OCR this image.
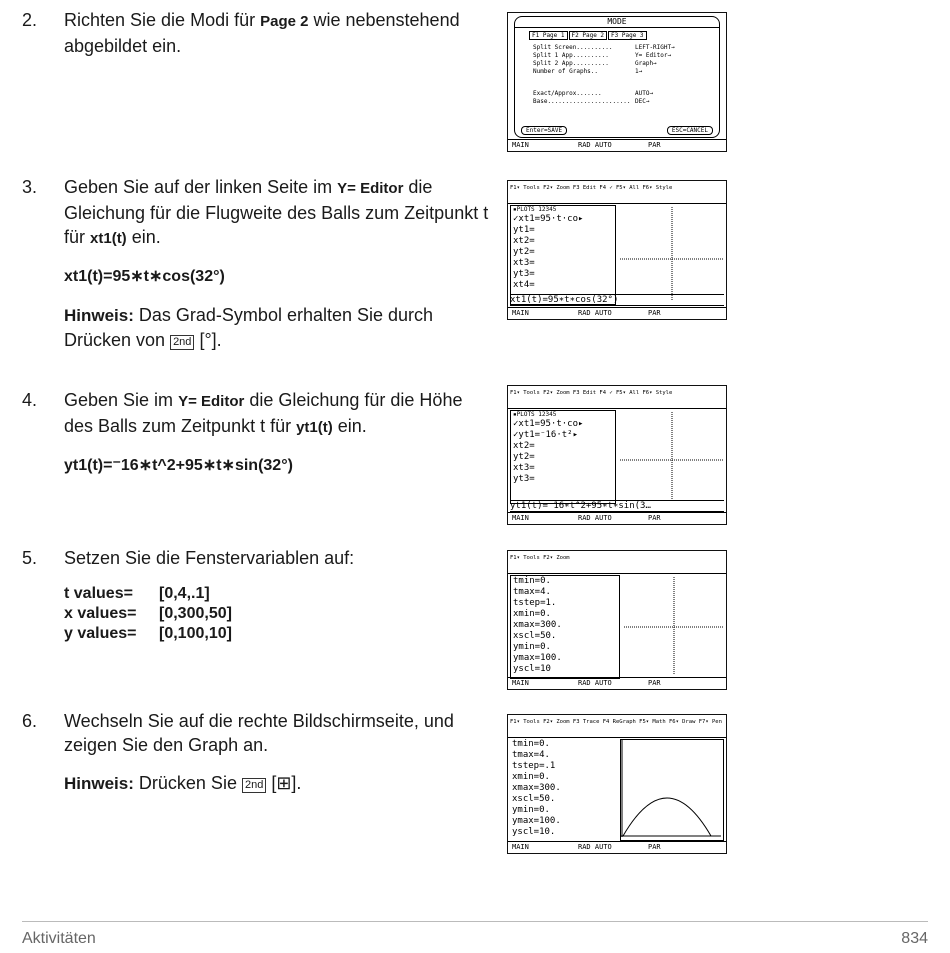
2. Richten Sie die Modi für Page 2 wie nebenstehend abgebildet ein.

3. Geben Sie auf der linken Seite im Y= Editor die Gleichung für die Flugweite des Balls zum Zeitpunkt t für xt1(t) ein.

xt1(t)=95∗t∗cos(32°)

Hinweis: Das Grad-Symbol erhalten Sie durch Drücken von 2nd [°].

4. Geben Sie im Y= Editor die Gleichung für die Höhe des Balls zum Zeitpunkt t für yt1(t) ein.

yt1(t)=⁻16∗t^2+95∗t∗sin(32°)

5. Setzen Sie die Fenstervariablen auf:

t values=	[0,4,.1]
x values=	[0,300,50]
y values=	[0,100,10]
6. Wechseln Sie auf die rechte Bildschirmseite, und zeigen Sie den Graph an.

Hinweis: Drücken Sie 2nd [⊞].

MODE
F1 Page 1	F2 Page 2	F3 Page 3
Split Screen..........	LEFT-RIGHT→
Split 1 App..........	Y= Editor→
Split 2 App..........	Graph→
Number of Graphs..	1→
Exact/Approx.......	AUTO→
Base....................... DEC→
Enter=SAVE	ESC=CANCEL
MAIN	RAD AUTO	PAR
F1▾ Tools F2▾ Zoom F3 Edit F4 ✓ F5▾ All F6▾ Style
▪PLOTS 12345
✓xt1=95·t·co▸
yt1=
xt2=
yt2=
xt3=
yt3=
xt4=
xt1(t)=95∗t∗cos(32°)
MAIN	RAD AUTO	PAR
F1▾ Tools F2▾ Zoom F3 Edit F4 ✓ F5▾ All F6▾ Style
▪PLOTS 12345
✓xt1=95·t·co▸
✓yt1=⁻16·t²▸
xt2=
yt2=
xt3=
yt3=
yt1(t)=⁻16∗t^2+95∗t∗sin(3…
MAIN	RAD AUTO	PAR
F1▾ Tools F2▾ Zoom
tmin=0.
tmax=4.
tstep=1.
xmin=0.
xmax=300.
xscl=50.
ymin=0.
ymax=100.
yscl=10
MAIN	RAD AUTO	PAR
F1▾ Tools F2▾ Zoom F3 Trace F4 ReGraph F5▾ Math F6▾ Draw F7▾ Pen
tmin=0.
tmax=4.
tstep=.1
xmin=0.
xmax=300.
xscl=50.
ymin=0.
ymax=100.
yscl=10.
MAIN	RAD AUTO	PAR
Aktivitäten	834
